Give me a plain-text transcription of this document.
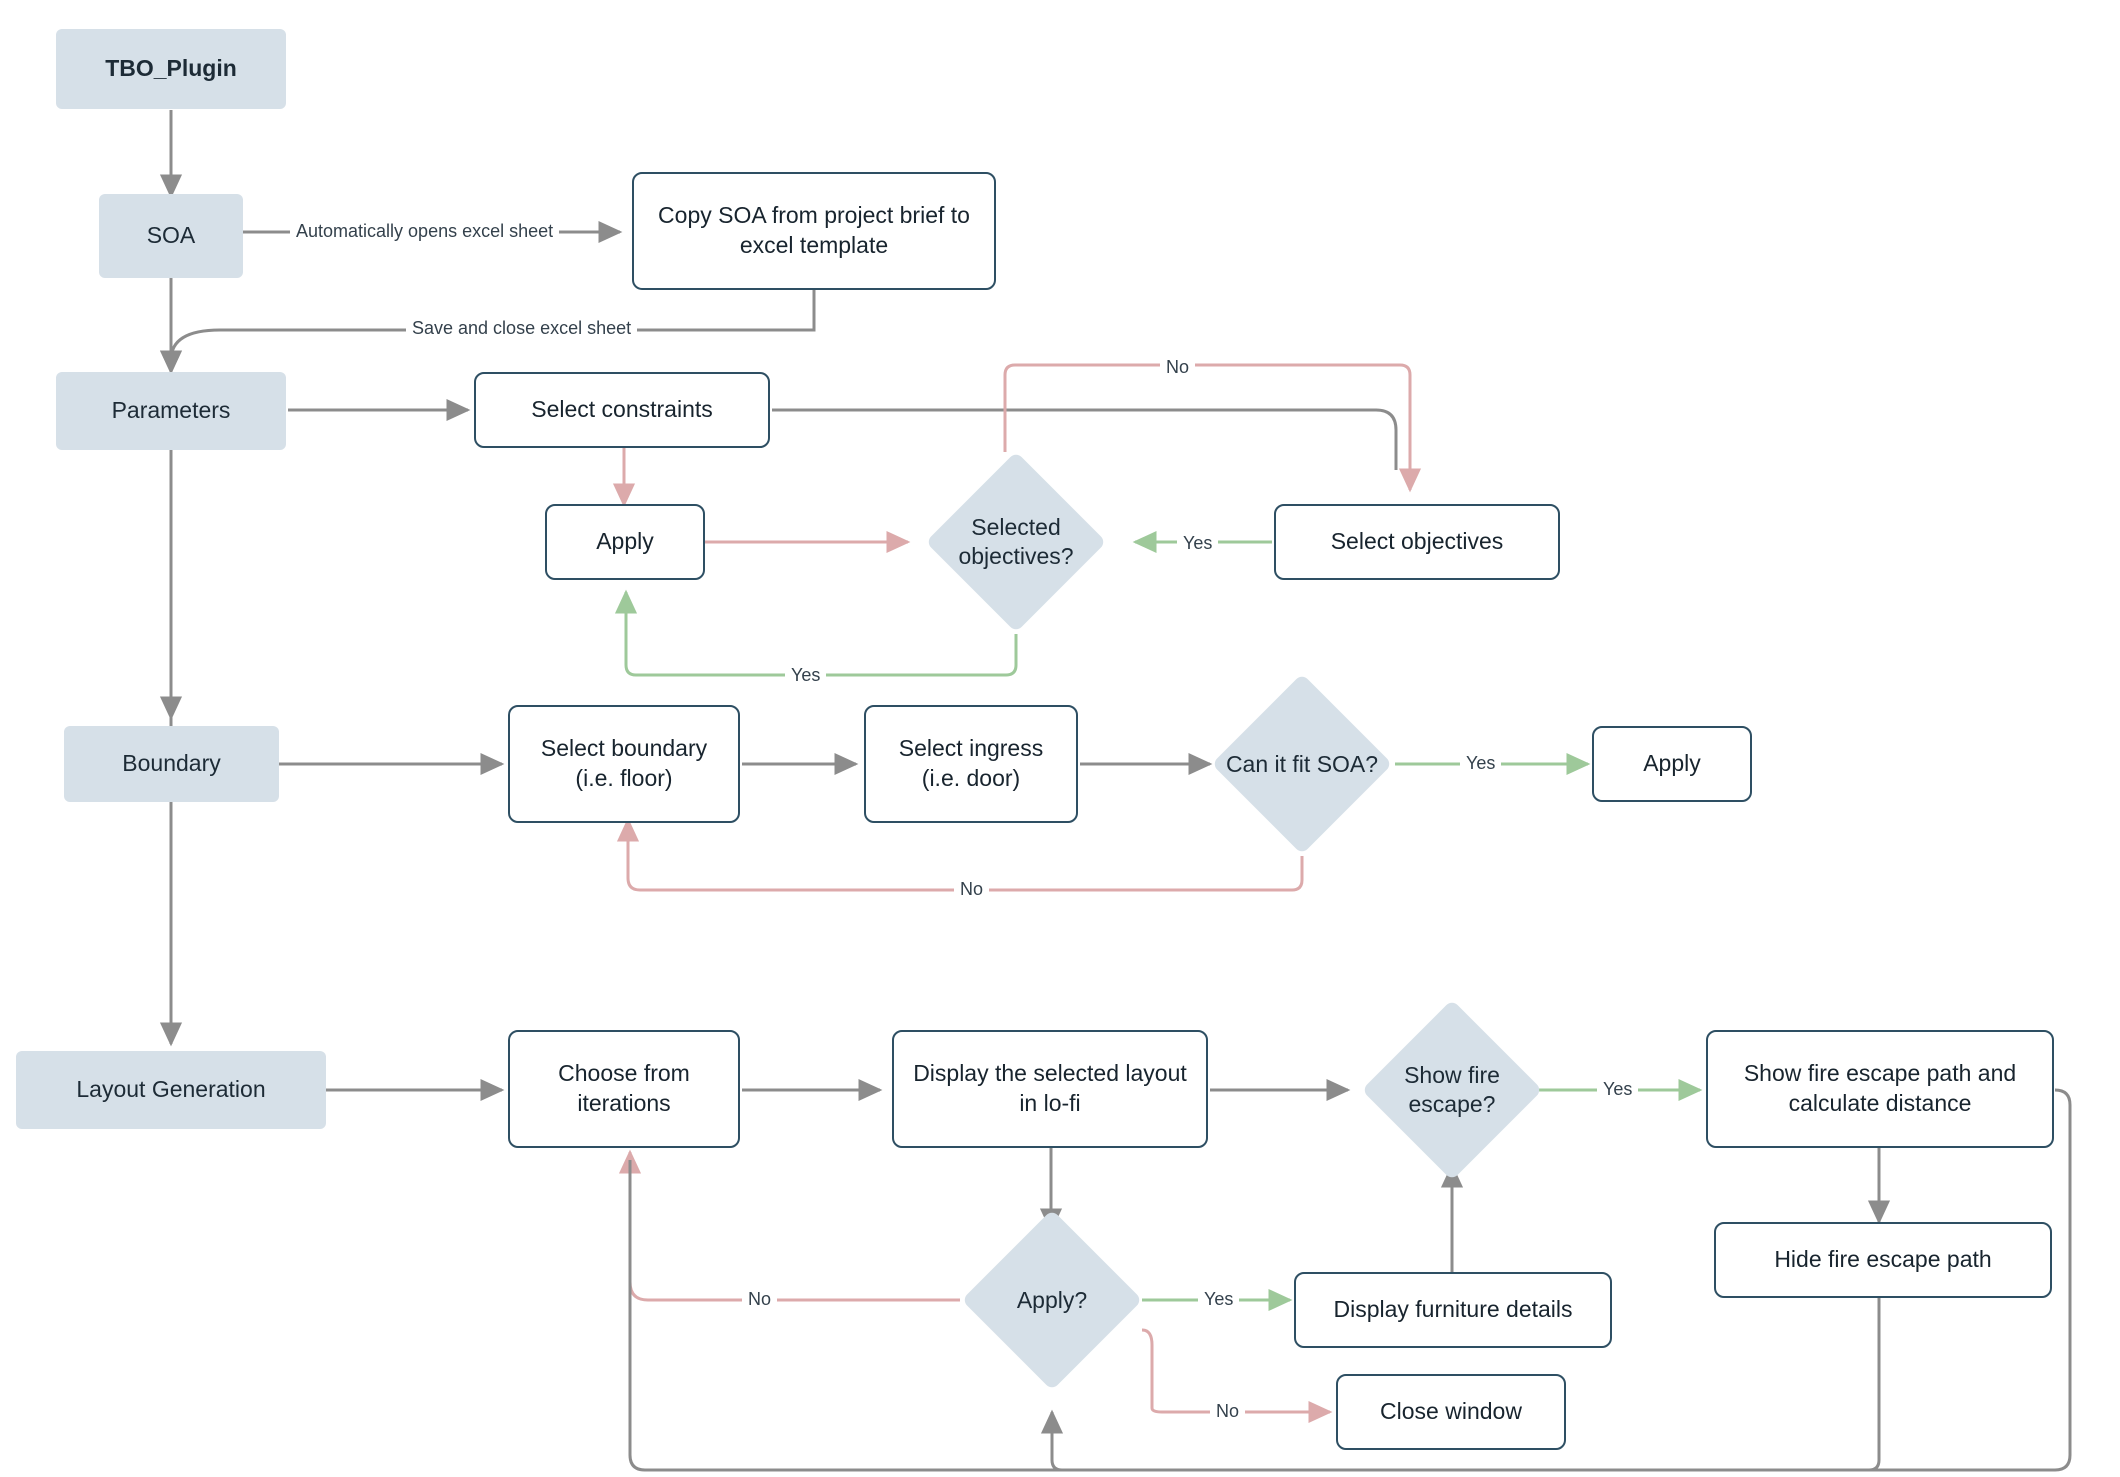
TBO_Plugin
SOA
Parameters
Boundary
Layout Generation
Copy SOA from project brief to excel template
Select constraints
Apply	Select objectives
Select boundary (i.e. floor)
Select ingress (i.e. door)
Apply
Choose from iterations
Display the selected layout in lo-fi
Show fire escape path and calculate distance
Hide fire escape path
Display furniture details
Close window
Selected objectives?
Can it fit SOA?
Show fire escape?
Apply?
Automatically opens excel sheet
Save and close excel sheet
No
Yes
Yes
Yes
No
Yes
Yes
No
No
